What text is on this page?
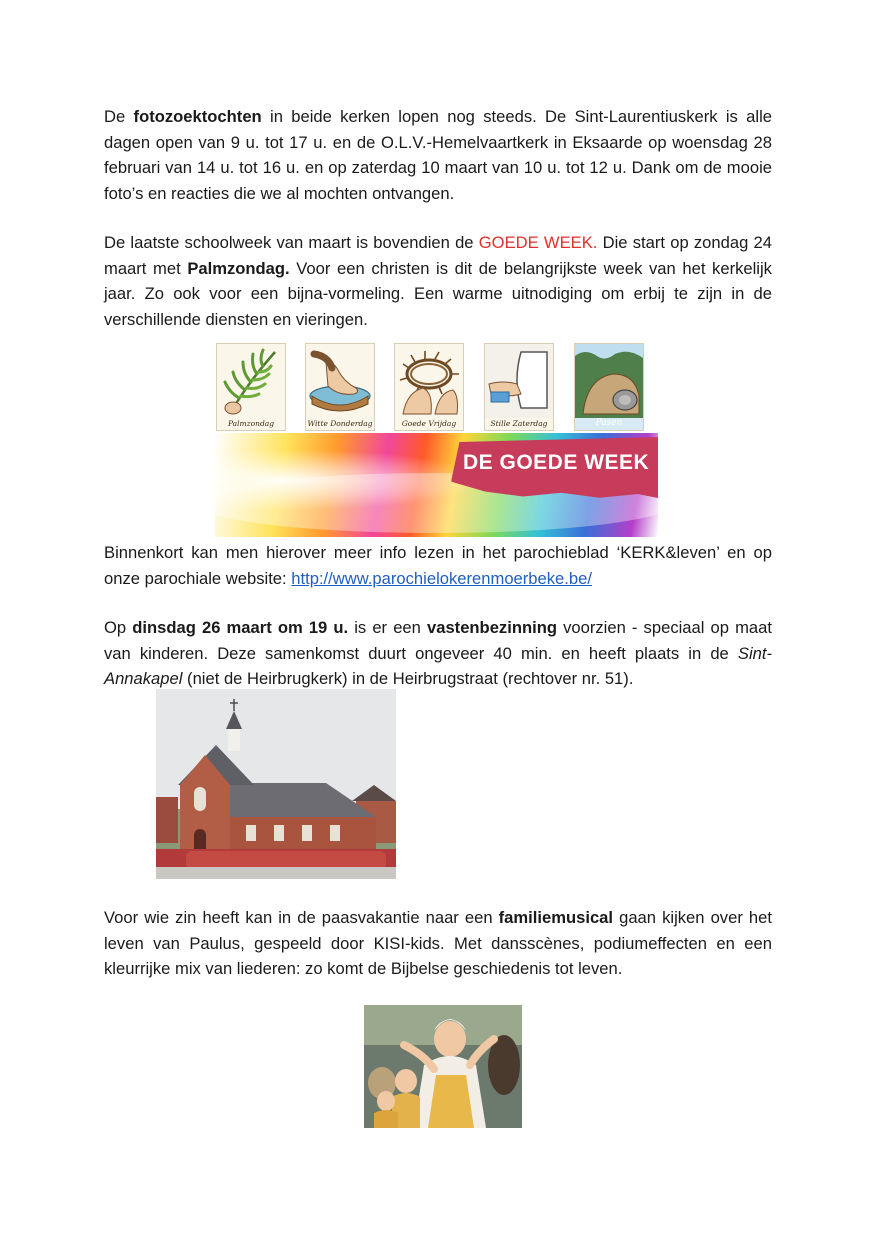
De fotozoektochten in beide kerken lopen nog steeds. De Sint-Laurentiuskerk is alle dagen open van 9 u. tot 17 u. en de O.L.V.-Hemelvaartkerk in Eksaarde op woensdag 28 februari van 14 u. tot 16 u. en op zaterdag 10 maart van 10 u. tot 12 u. Dank om de mooie foto’s en reacties die we al mochten ontvangen.

De laatste schoolweek van maart is bovendien de GOEDE WEEK. Die start op zondag 24 maart met Palmzondag. Voor een christen is dit de belangrijkste week van het kerkelijk jaar. Zo ook voor een bijna-vormeling. Een warme uitnodiging om erbij te zijn in de verschillende diensten en vieringen.

Palmzondag	Witte Donderdag	Goede Vrijdag	Stille Zaterdag	Pasen
DE GOEDE WEEK

Binnenkort kan men hierover meer info lezen in het parochieblad ‘KERK&leven’ en op onze parochiale website: http://www.parochielokerenmoerbeke.be/

Op dinsdag 26 maart om 19 u. is er een vastenbezinning voorzien - speciaal op maat van kinderen. Deze samenkomst duurt ongeveer 40 min. en heeft plaats in de Sint-Annakapel (niet de Heirbrugkerk) in de Heirbrugstraat (rechtover nr. 51).

Voor wie zin heeft kan in de paasvakantie naar een familiemusical gaan kijken over het leven van Paulus, gespeeld door KISI-kids. Met dansscènes, podiumeffecten en een kleurrijke mix van liederen: zo komt de Bijbelse geschiedenis tot leven.
